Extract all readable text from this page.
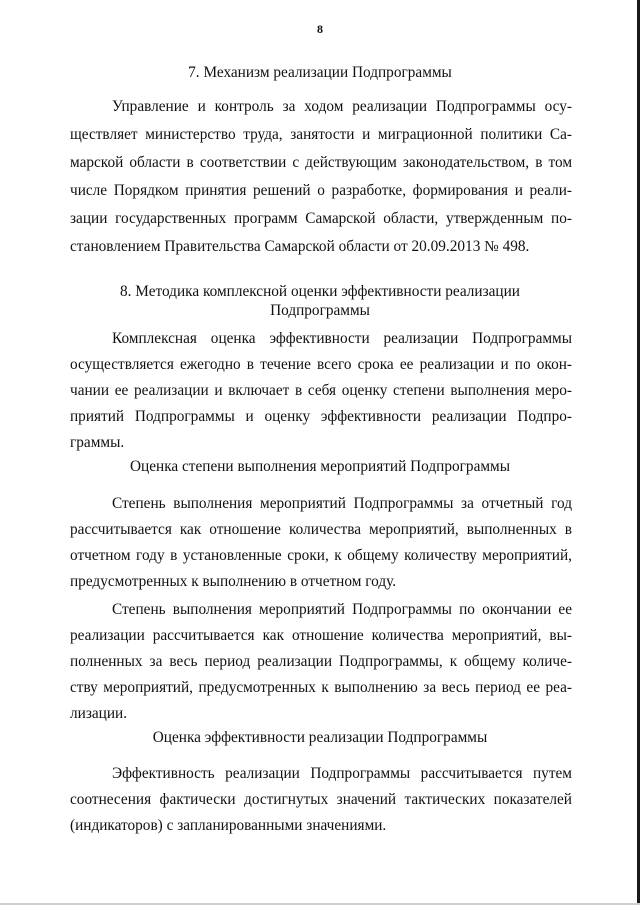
8
7. Механизм реализации Подпрограммы
Управление и контроль за ходом реализации Подпрограммы осу-
ществляет министерство труда, занятости и миграционной политики Са-
марской области в соответствии с действующим законодательством, в том
числе Порядком принятия решений о разработке, формирования и реали-
зации государственных программ Самарской области, утвержденным по-
становлением Правительства Самарской области от 20.09.2013 № 498.
8. Методика комплексной оценки эффективности реализации
Подпрограммы
Комплексная оценка эффективности реализации Подпрограммы
осуществляется ежегодно в течение всего срока ее реализации и по окон-
чании ее реализации и включает в себя оценку степени выполнения меро-
приятий Подпрограммы и оценку эффективности реализации Подпро-
граммы.
Оценка степени выполнения мероприятий Подпрограммы
Степень выполнения мероприятий Подпрограммы за отчетный год
рассчитывается как отношение количества мероприятий, выполненных в
отчетном году в установленные сроки, к общему количеству мероприятий,
предусмотренных к выполнению в отчетном году.
Степень выполнения мероприятий Подпрограммы по окончании ее
реализации рассчитывается как отношение количества мероприятий, вы-
полненных за весь период реализации Подпрограммы, к общему количе-
ству мероприятий, предусмотренных к выполнению за весь период ее реа-
лизации.
Оценка эффективности реализации Подпрограммы
Эффективность реализации Подпрограммы рассчитывается путем
соотнесения фактически достигнутых значений тактических показателей
(индикаторов) с запланированными значениями.
